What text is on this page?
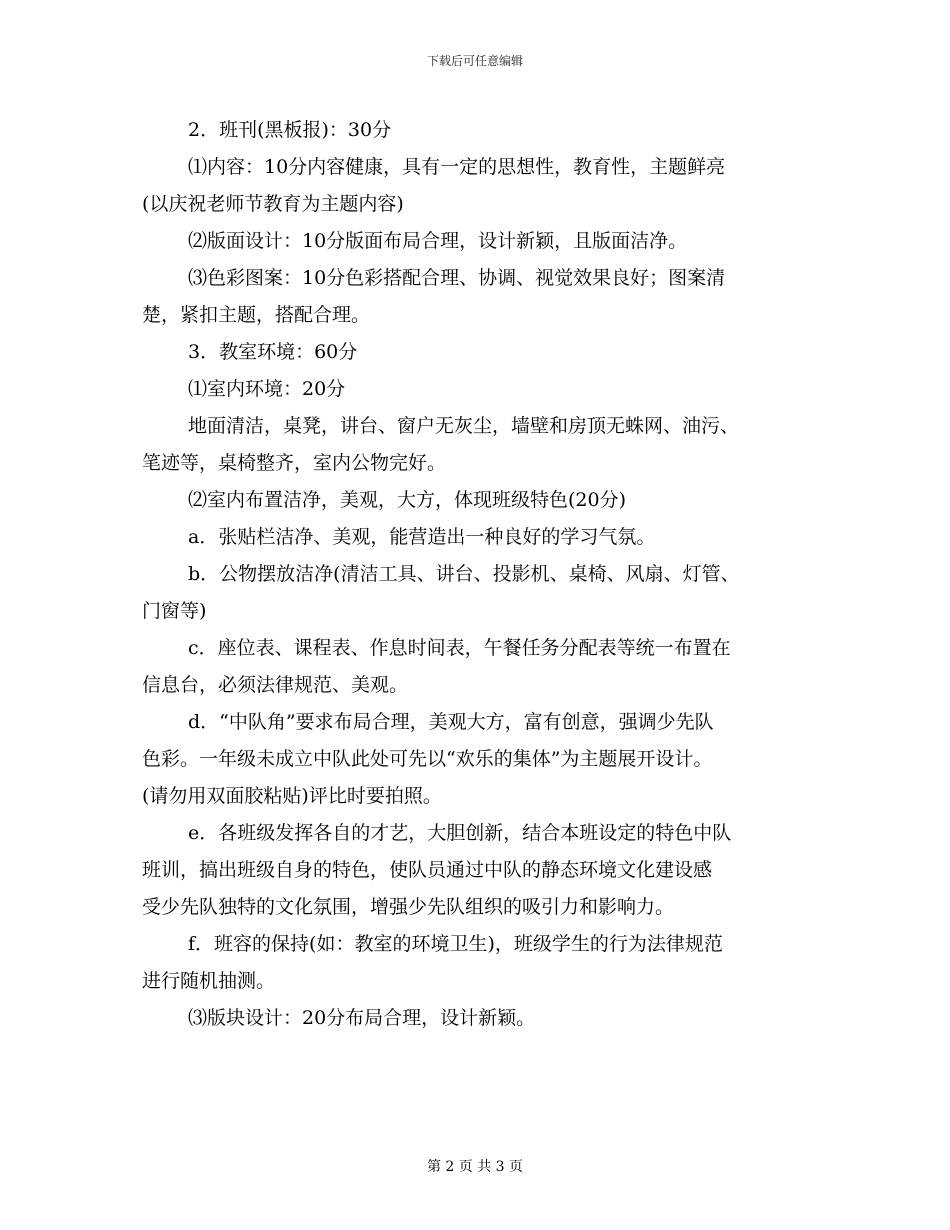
下载后可任意编辑
2．班刊(黑板报)：30分
⑴内容：10分内容健康，具有一定的思想性，教育性，主题鲜亮
(以庆祝老师节教育为主题内容)
⑵版面设计：10分版面布局合理，设计新颖，且版面洁净。
⑶色彩图案：10分色彩搭配合理、协调、视觉效果良好；图案清
楚，紧扣主题，搭配合理。
3．教室环境：60分
⑴室内环境：20分
地面清洁，桌凳，讲台、窗户无灰尘，墙壁和房顶无蛛网、油污、
笔迹等，桌椅整齐，室内公物完好。
⑵室内布置洁净，美观，大方，体现班级特色(20分)
a．张贴栏洁净、美观，能营造出一种良好的学习气氛。
b．公物摆放洁净(清洁工具、讲台、投影机、桌椅、风扇、灯管、
门窗等)
c．座位表、课程表、作息时间表，午餐任务分配表等统一布置在
信息台，必须法律规范、美观。
d．“中队角”要求布局合理，美观大方，富有创意，强调少先队
色彩。一年级未成立中队此处可先以“欢乐的集体”为主题展开设计。
(请勿用双面胶粘贴)评比时要拍照。
e．各班级发挥各自的才艺，大胆创新，结合本班设定的特色中队
班训，搞出班级自身的特色，使队员通过中队的静态环境文化建设感
受少先队独特的文化氛围，增强少先队组织的吸引力和影响力。
f．班容的保持(如：教室的环境卫生)，班级学生的行为法律规范
进行随机抽测。
⑶版块设计：20分布局合理，设计新颖。
第 2 页 共 3 页
